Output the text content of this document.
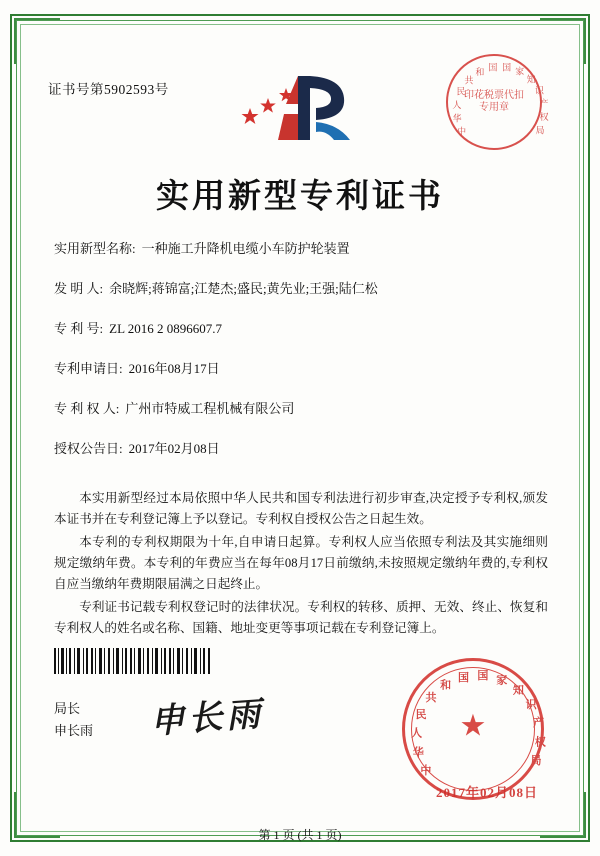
证书号第5902593号
中
华
人
民
共
和 国 国 家
知
识
产
权
局
印花税票代扣专用章
实用新型专利证书
实用新型名称: 一种施工升降机电缆小车防护轮装置
发 明 人: 余晓辉;蒋锦富;江楚杰;盛民;黄先业;王强;陆仁松
专 利 号: ZL 2016 2 0896607.7
专利申请日: 2016年08月17日
专 利 权 人: 广州市特威工程机械有限公司
授权公告日: 2017年02月08日

本实用新型经过本局依照中华人民共和国专利法进行初步审查,决定授予专利权,颁发本证书并在专利登记簿上予以登记。专利权自授权公告之日起生效。

本专利的专利权期限为十年,自申请日起算。专利权人应当依照专利法及其实施细则规定缴纳年费。本专利的年费应当在每年08月17日前缴纳,未按照规定缴纳年费的,专利权自应当缴纳年费期限届满之日起终止。

专利证书记载专利权登记时的法律状况。专利权的转移、质押、无效、终止、恢复和专利权人的姓名或名称、国籍、地址变更等事项记载在专利登记簿上。

局长
申长雨 申长雨
中
华
人
民
共
和
国 国 家
知
识
产
权
局
★
2017年02月08日
第 1 页 (共 1 页)
